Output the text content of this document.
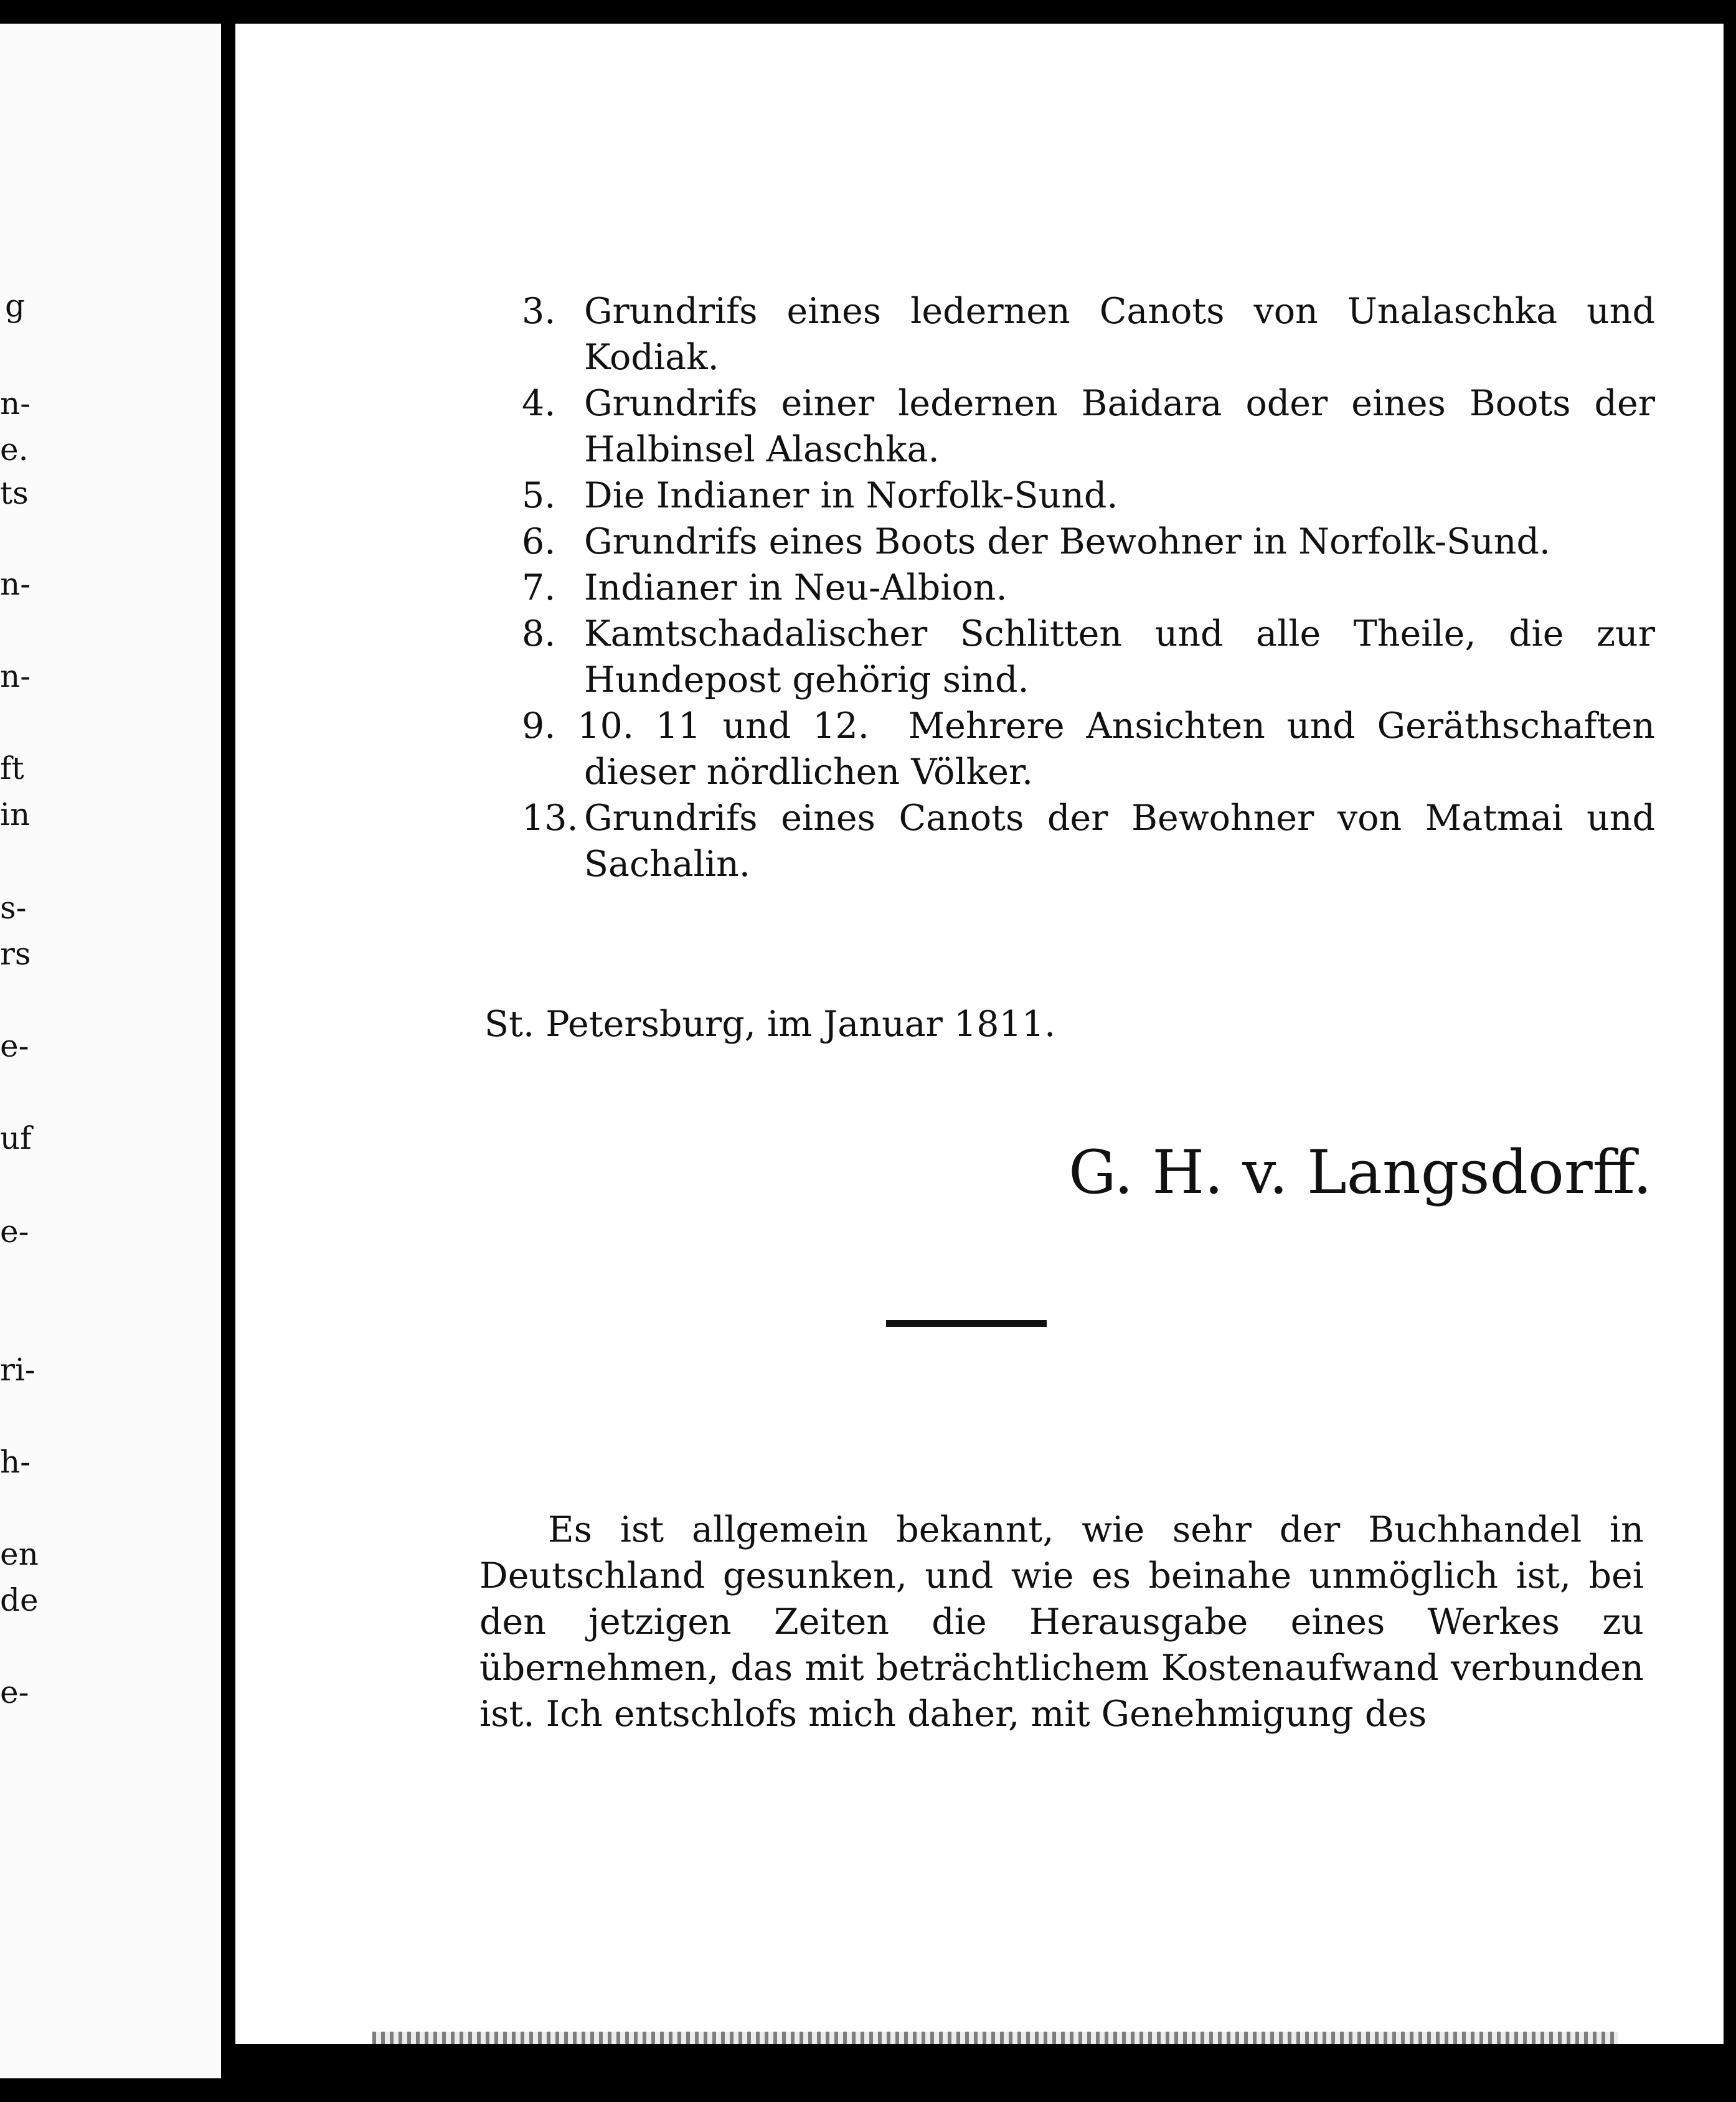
g
n-
e.
ts
n-
n-
ft
in
s-
rs
e-
uf
e-
ri-
h-
en
de
e-
3. Grundrifs eines ledernen Canots von Unalaschka und Kodiak.
4. Grundrifs einer ledernen Baidara oder eines Boots der Halbinsel Alaschka.
5. Die Indianer in Norfolk-Sund.
6. Grundrifs eines Boots der Bewohner in Norfolk-Sund.
7. Indianer in Neu-Albion.
8. Kamtschadalischer Schlitten und alle Theile, die zur Hundepost gehörig sind.
9. 10. 11 und 12. Mehrere Ansichten und Geräthschaften dieser nördlichen Völker.
13. Grundrifs eines Canots der Bewohner von Matmai und Sachalin.
St. Petersburg, im Januar 1811.
G. H. v. Langsdorff.

Es ist allgemein bekannt, wie sehr der Buchhandel in Deutschland gesunken, und wie es beinahe unmöglich ist, bei den jetzigen Zeiten die Herausgabe eines Werkes zu übernehmen, das mit beträchtlichem Kostenaufwand verbunden ist. Ich entschlofs mich daher, mit Genehmigung des
